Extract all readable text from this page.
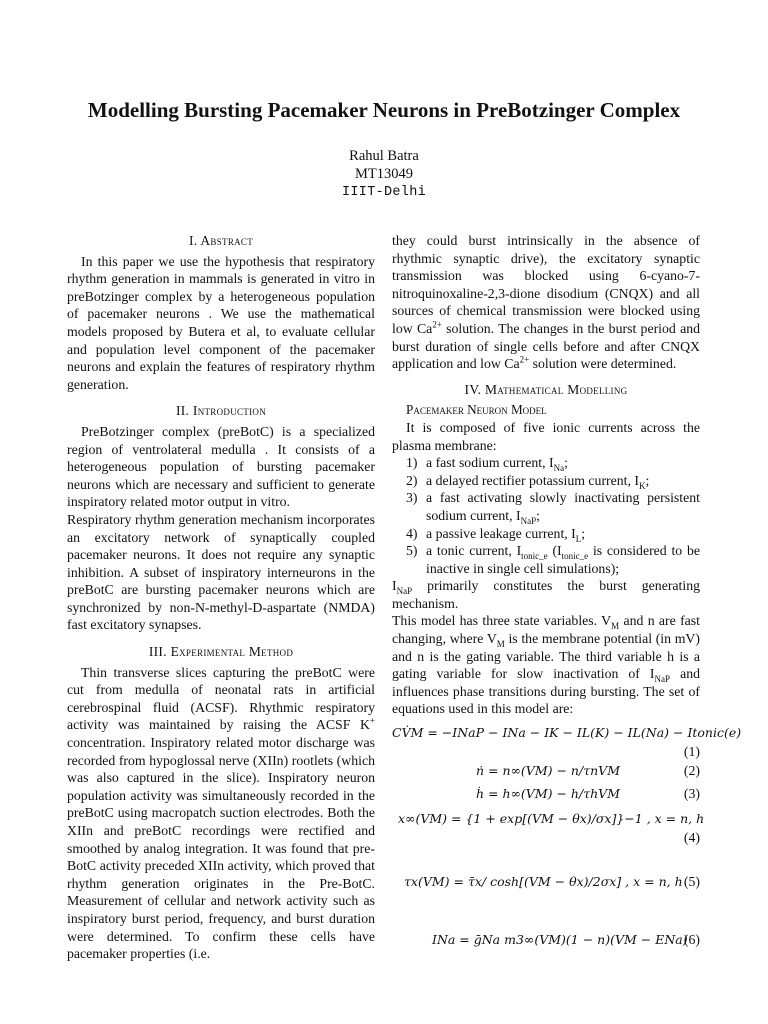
Modelling Bursting Pacemaker Neurons in PreBotzinger Complex
Rahul Batra
MT13049
IIIT-Delhi
I. Abstract

In this paper we use the hypothesis that respiratory rhythm generation in mammals is generated in vitro in preBotzinger complex by a heterogeneous population of pacemaker neurons . We use the mathematical models proposed by Butera et al, to evaluate cellular and population level component of the pacemaker neurons and explain the features of respiratory rhythm generation.

II. Introduction

PreBotzinger complex (preBotC) is a specialized region of ventrolateral medulla . It consists of a heterogeneous population of bursting pacemaker neurons which are necessary and sufficient to generate inspiratory related motor output in vitro.

Respiratory rhythm generation mechanism incorporates an excitatory network of synaptically coupled pacemaker neurons. It does not require any synaptic inhibition. A subset of inspiratory interneurons in the preBotC are bursting pacemaker neurons which are synchronized by non-N-methyl-D-aspartate (NMDA) fast excitatory synapses.

III. Experimental Method

Thin transverse slices capturing the preBotC were cut from medulla of neonatal rats in artificial cerebrospinal fluid (ACSF). Rhythmic respiratory activity was maintained by raising the ACSF K+ concentration. Inspiratory related motor discharge was recorded from hypoglossal nerve (XIIn) rootlets (which was also captured in the slice). Inspiratory neuron population activity was simultaneously recorded in the preBotC using macropatch suction electrodes. Both the XIIn and preBotC recordings were rectified and smoothed by analog integration. It was found that pre-BotC activity preceded XIIn activity, which proved that rhythm generation originates in the Pre-BotC. Measurement of cellular and network activity such as inspiratory burst period, frequency, and burst duration were determined. To confirm these cells have pacemaker properties (i.e.

they could burst intrinsically in the absence of rhythmic synaptic drive), the excitatory synaptic transmission was blocked using 6-cyano-7-nitroquinoxaline-2,3-dione disodium (CNQX) and all sources of chemical transmission were blocked using low $Ca^{2+}$ solution. The changes in the burst period and burst duration of single cells before and after CNQX application and low $Ca^{2+}$ solution were determined.

IV. Mathematical Modelling
Pacemaker Neuron Model

It is composed of five ionic currents across the plasma membrane:

1) a fast sodium current, $I_{Na}$;
2) a delayed rectifier potassium current, $I_K$;
3) a fast activating slowly inactivating persistent sodium current, $I_{NaP}$;
4) a passive leakage current, $I_L$;
5) a tonic current, $I_{tonic\_e}$ ($I_{tonic\_e}$ is considered to be inactive in single cell simulations);

$I_{NaP}$ primarily constitutes the burst generating mechanism.

This model has three state variables. $V_M$ and n are fast changing, where $V_M$ is the membrane potential (in mV) and n is the gating variable. The third variable h is a gating variable for slow inactivation of $I_{NaP}$ and influences phase transitions during bursting. The set of equations used in this model are:

CV̇M = −INaP − INa − IK − IL(K) − IL(Na) − Itonic(e)
(1)
ṅ = n∞(VM) − n/τnVM	(2)
ḣ = h∞(VM) − h/τhVM	(3)
x∞(VM) = {1 + exp[(VM − θx)/σx]}−1 , x = n, h
(4)
τx(VM) = τ̄x/ cosh[(VM − θx)/2σx] , x = n, h (5)
INa = ḡNa m3∞(VM)(1 − n)(VM − ENa)
(6)
